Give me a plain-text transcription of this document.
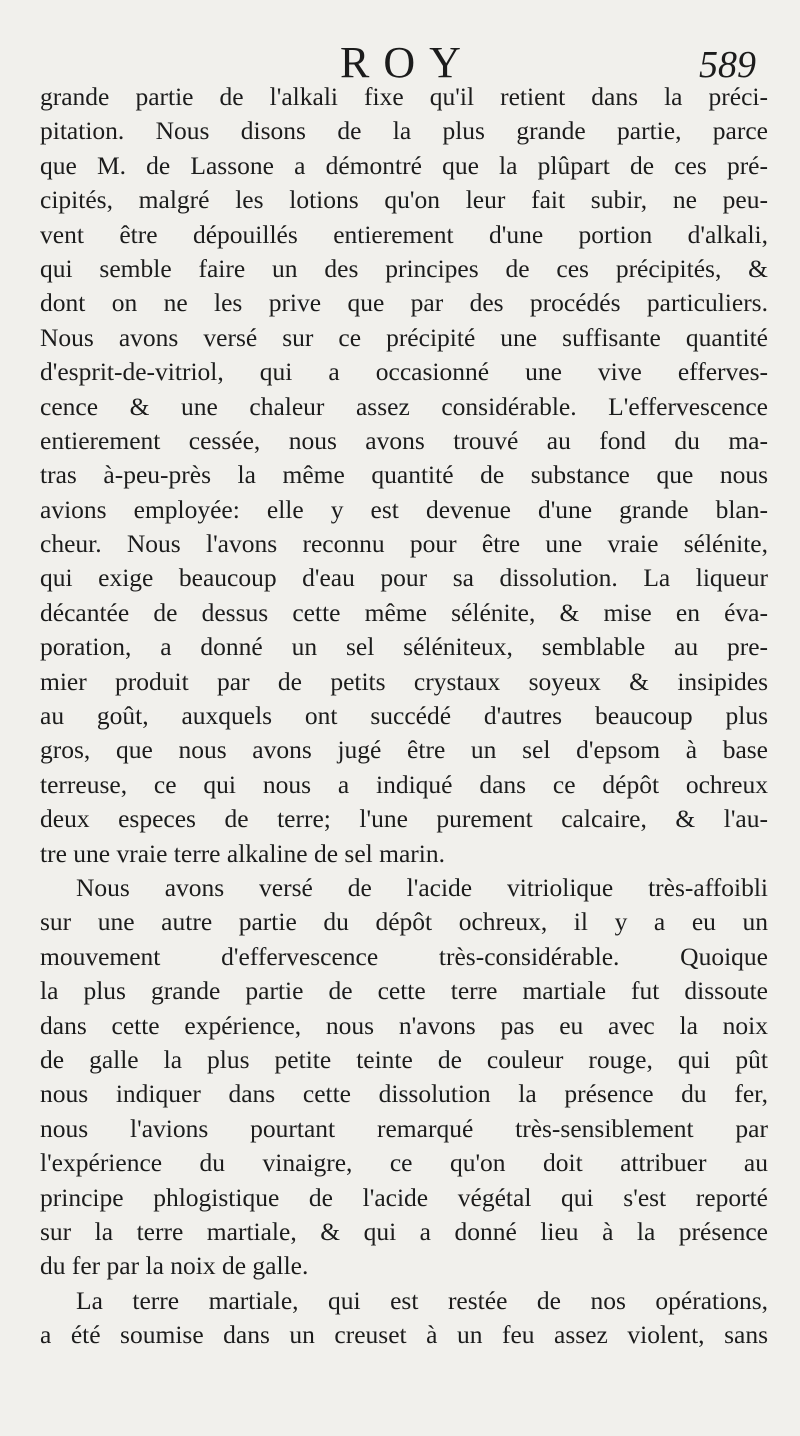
ROY	589
grande partie de l'alkali fixe qu'il retient dans la préci-
pitation. Nous disons de la plus grande partie, parce
que M. de Lassone a démontré que la plûpart de ces pré-
cipités, malgré les lotions qu'on leur fait subir, ne peu-
vent être dépouillés entierement d'une portion d'alkali,
qui semble faire un des principes de ces précipités, &
dont on ne les prive que par des procédés particuliers.
Nous avons versé sur ce précipité une suffisante quantité
d'esprit-de-vitriol, qui a occasionné une vive efferves-
cence & une chaleur assez considérable. L'effervescence
entierement cessée, nous avons trouvé au fond du ma-
tras à-peu-près la même quantité de substance que nous
avions employée: elle y est devenue d'une grande blan-
cheur. Nous l'avons reconnu pour être une vraie sélénite,
qui exige beaucoup d'eau pour sa dissolution. La liqueur
décantée de dessus cette même sélénite, & mise en éva-
poration, a donné un sel séléniteux, semblable au pre-
mier produit par de petits crystaux soyeux & insipides
au goût, auxquels ont succédé d'autres beaucoup plus
gros, que nous avons jugé être un sel d'epsom à base
terreuse, ce qui nous a indiqué dans ce dépôt ochreux
deux especes de terre; l'une purement calcaire, & l'au-
tre une vraie terre alkaline de sel marin.
Nous avons versé de l'acide vitriolique très-affoibli
sur une autre partie du dépôt ochreux, il y a eu un
mouvement d'effervescence très-considérable. Quoique
la plus grande partie de cette terre martiale fut dissoute
dans cette expérience, nous n'avons pas eu avec la noix
de galle la plus petite teinte de couleur rouge, qui pût
nous indiquer dans cette dissolution la présence du fer,
nous l'avions pourtant remarqué très-sensiblement par
l'expérience du vinaigre, ce qu'on doit attribuer au
principe phlogistique de l'acide végétal qui s'est reporté
sur la terre martiale, & qui a donné lieu à la présence
du fer par la noix de galle.
La terre martiale, qui est restée de nos opérations,
a été soumise dans un creuset à un feu assez violent, sans
